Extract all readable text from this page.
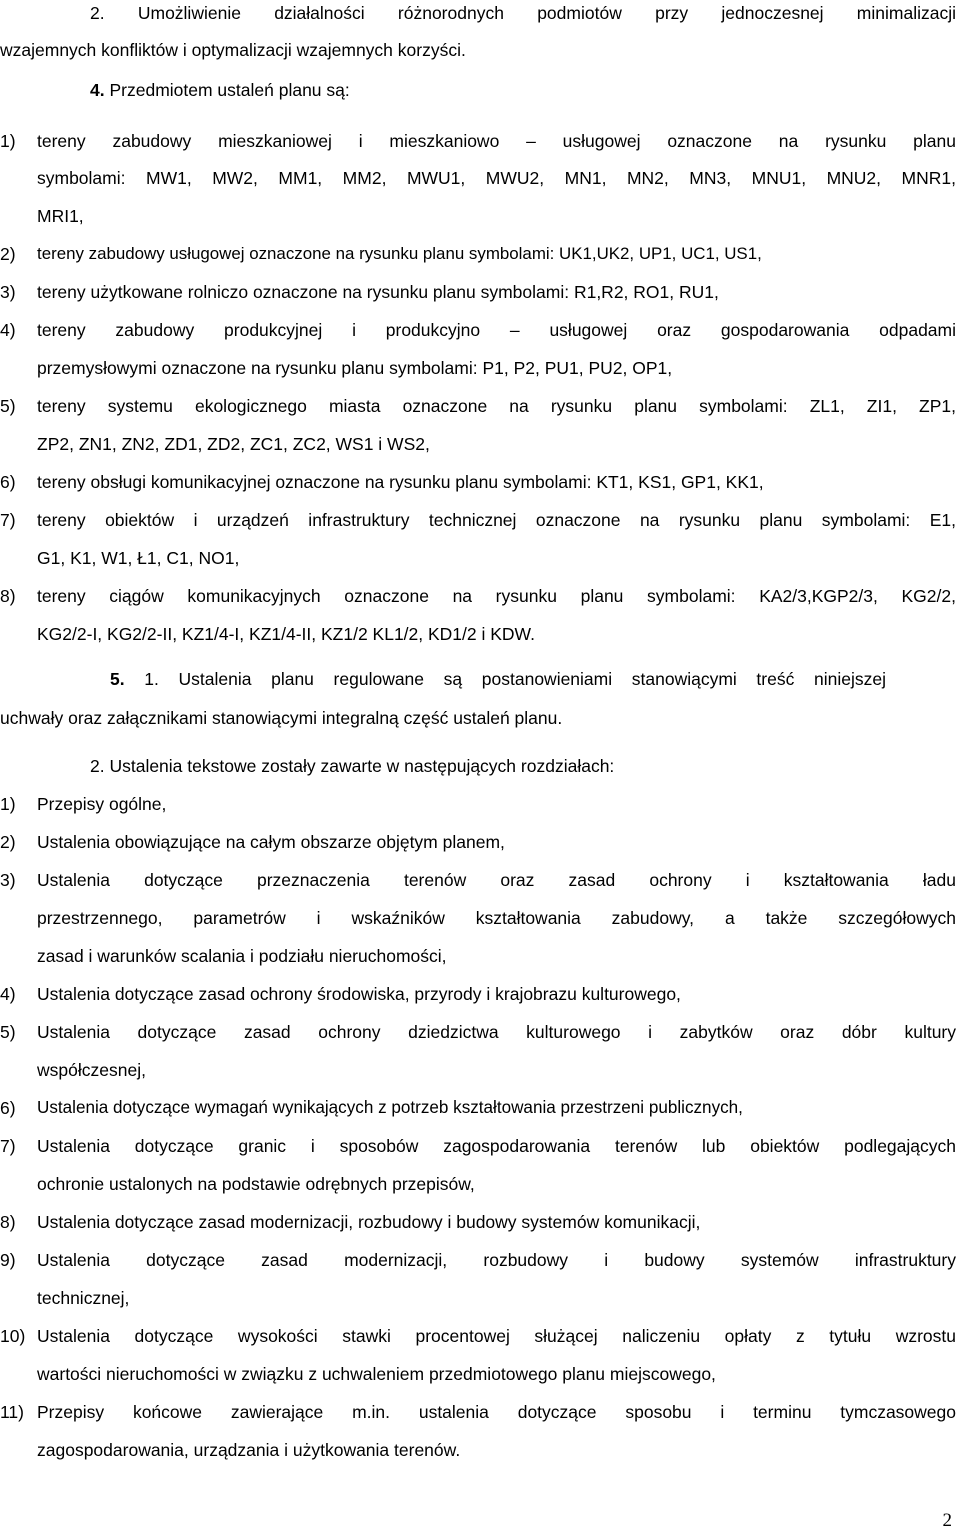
2. Umożliwienie działalności różnorodnych podmiotów przy jednoczesnej minimalizacji
wzajemnych konfliktów i optymalizacji wzajemnych korzyści.
4. Przedmiotem ustaleń planu są:
1) tereny zabudowy mieszkaniowej i mieszkaniowo – usługowej oznaczone na rysunku planu
symbolami: MW1, MW2, MM1, MM2, MWU1, MWU2, MN1, MN2, MN3, MNU1, MNU2, MNR1,
MRI1,
2) tereny zabudowy usługowej oznaczone na rysunku planu symbolami: UK1,UK2, UP1, UC1, US1,
3) tereny użytkowane rolniczo oznaczone na rysunku planu symbolami: R1,R2, RO1, RU1,
4) tereny zabudowy produkcyjnej i produkcyjno – usługowej oraz gospodarowania odpadami
przemysłowymi oznaczone na rysunku planu symbolami: P1, P2, PU1, PU2, OP1,
5) tereny systemu ekologicznego miasta oznaczone na rysunku planu symbolami: ZL1, ZI1, ZP1,
ZP2, ZN1, ZN2, ZD1, ZD2, ZC1, ZC2, WS1 i WS2,
6) tereny obsługi komunikacyjnej oznaczone na rysunku planu symbolami: KT1, KS1, GP1, KK1,
7) tereny obiektów i urządzeń infrastruktury technicznej oznaczone na rysunku planu symbolami: E1,
G1, K1, W1, Ł1, C1, NO1,
8) tereny ciągów komunikacyjnych oznaczone na rysunku planu symbolami: KA2/3,KGP2/3, KG2/2,
KG2/2-I, KG2/2-II, KZ1/4-I, KZ1/4-II, KZ1/2 KL1/2, KD1/2 i KDW.
5. 1. Ustalenia planu regulowane są postanowieniami stanowiącymi treść niniejszej
uchwały oraz załącznikami stanowiącymi integralną część ustaleń planu.
2. Ustalenia tekstowe zostały zawarte w następujących rozdziałach:
1) Przepisy ogólne,
2) Ustalenia obowiązujące na całym obszarze objętym planem,
3) Ustalenia dotyczące przeznaczenia terenów oraz zasad ochrony i kształtowania ładu
przestrzennego, parametrów i wskaźników kształtowania zabudowy, a także szczegółowych
zasad i warunków scalania i podziału nieruchomości,
4) Ustalenia dotyczące zasad ochrony środowiska, przyrody i krajobrazu kulturowego,
5) Ustalenia dotyczące zasad ochrony dziedzictwa kulturowego i zabytków oraz dóbr kultury
współczesnej,
6) Ustalenia dotyczące wymagań wynikających z potrzeb kształtowania przestrzeni publicznych,
7) Ustalenia dotyczące granic i sposobów zagospodarowania terenów lub obiektów podlegających
ochronie ustalonych na podstawie odrębnych przepisów,
8) Ustalenia dotyczące zasad modernizacji, rozbudowy i budowy systemów komunikacji,
9) Ustalenia dotyczące zasad modernizacji, rozbudowy i budowy systemów infrastruktury
technicznej,
10) Ustalenia dotyczące wysokości stawki procentowej służącej naliczeniu opłaty z tytułu wzrostu
wartości nieruchomości w związku z uchwaleniem przedmiotowego planu miejscowego,
11) Przepisy końcowe zawierające m.in. ustalenia dotyczące sposobu i terminu tymczasowego
zagospodarowania, urządzania i użytkowania terenów.
2
